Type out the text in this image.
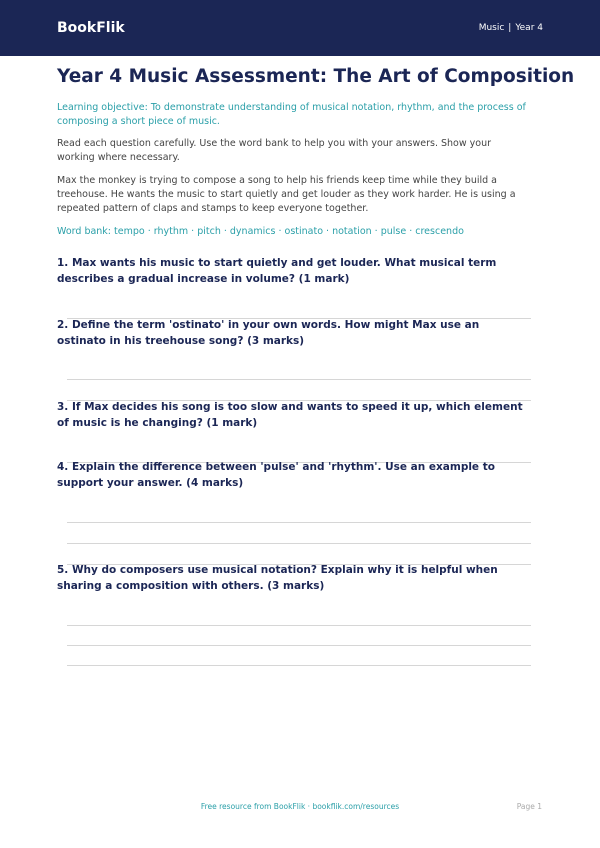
BookFlik	Music | Year 4
Year 4 Music Assessment: The Art of Composition

Learning objective: To demonstrate understanding of musical notation, rhythm, and the process of composing a short piece of music.

Read each question carefully. Use the word bank to help you with your answers. Show your working where necessary.

Max the monkey is trying to compose a song to help his friends keep time while they build a treehouse. He wants the music to start quietly and get louder as they work harder. He is using a repeated pattern of claps and stamps to keep everyone together.

Word bank: tempo · rhythm · pitch · dynamics · ostinato · notation · pulse · crescendo

1. Max wants his music to start quietly and get louder. What musical term describes a gradual increase in volume? (1 mark)

2. Define the term 'ostinato' in your own words. How might Max use an ostinato in his treehouse song? (3 marks)

3. If Max decides his song is too slow and wants to speed it up, which element of music is he changing? (1 mark)

4. Explain the difference between 'pulse' and 'rhythm'. Use an example to support your answer. (4 marks)

5. Why do composers use musical notation? Explain why it is helpful when sharing a composition with others. (3 marks)

Free resource from BookFlik · bookflik.com/resources	Page 1
